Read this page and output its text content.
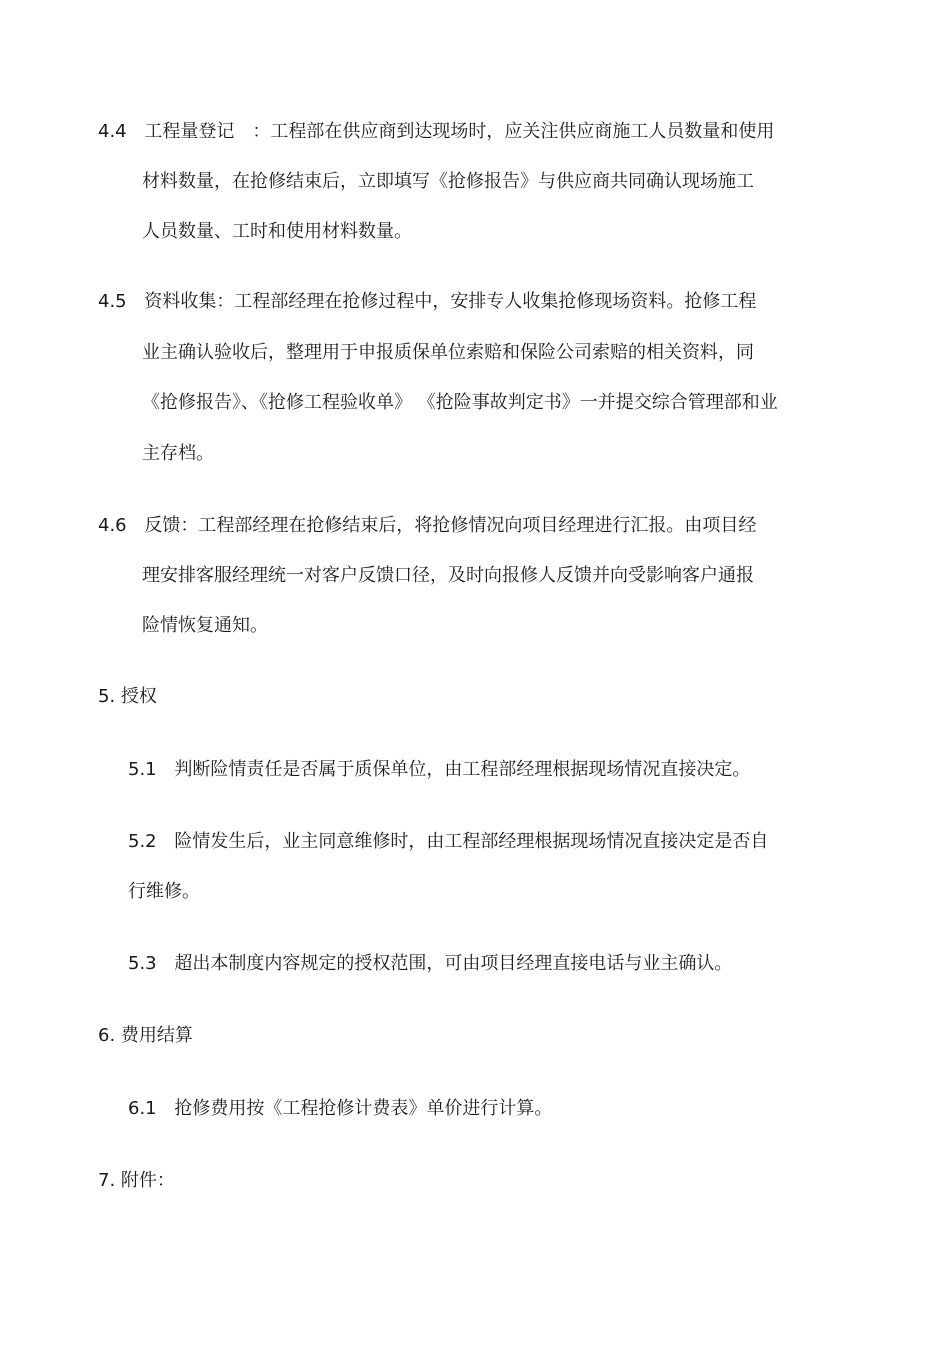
4.4 工程量登记　：工程部在供应商到达现场时，应关注供应商施工人员数量和使用
材料数量，在抢修结束后，立即填写《抢修报告》与供应商共同确认现场施工
人员数量、工时和使用材料数量。
4.5 资料收集：工程部经理在抢修过程中，安排专人收集抢修现场资料。抢修工程
业主确认验收后，整理用于申报质保单位索赔和保险公司索赔的相关资料，同
《抢修报告》、《抢修工程验收单》 《抢险事故判定书》一并提交综合管理部和业
主存档。
4.6 反馈：工程部经理在抢修结束后，将抢修情况向项目经理进行汇报。由项目经
理安排客服经理统一对客户反馈口径，及时向报修人反馈并向受影响客户通报
险情恢复通知。
5. 授权
5.1 判断险情责任是否属于质保单位，由工程部经理根据现场情况直接决定。
5.2 险情发生后，业主同意维修时，由工程部经理根据现场情况直接决定是否自
行维修。
5.3 超出本制度内容规定的授权范围，可由项目经理直接电话与业主确认。
6. 费用结算
6.1 抢修费用按《工程抢修计费表》单价进行计算。
7. 附件：
